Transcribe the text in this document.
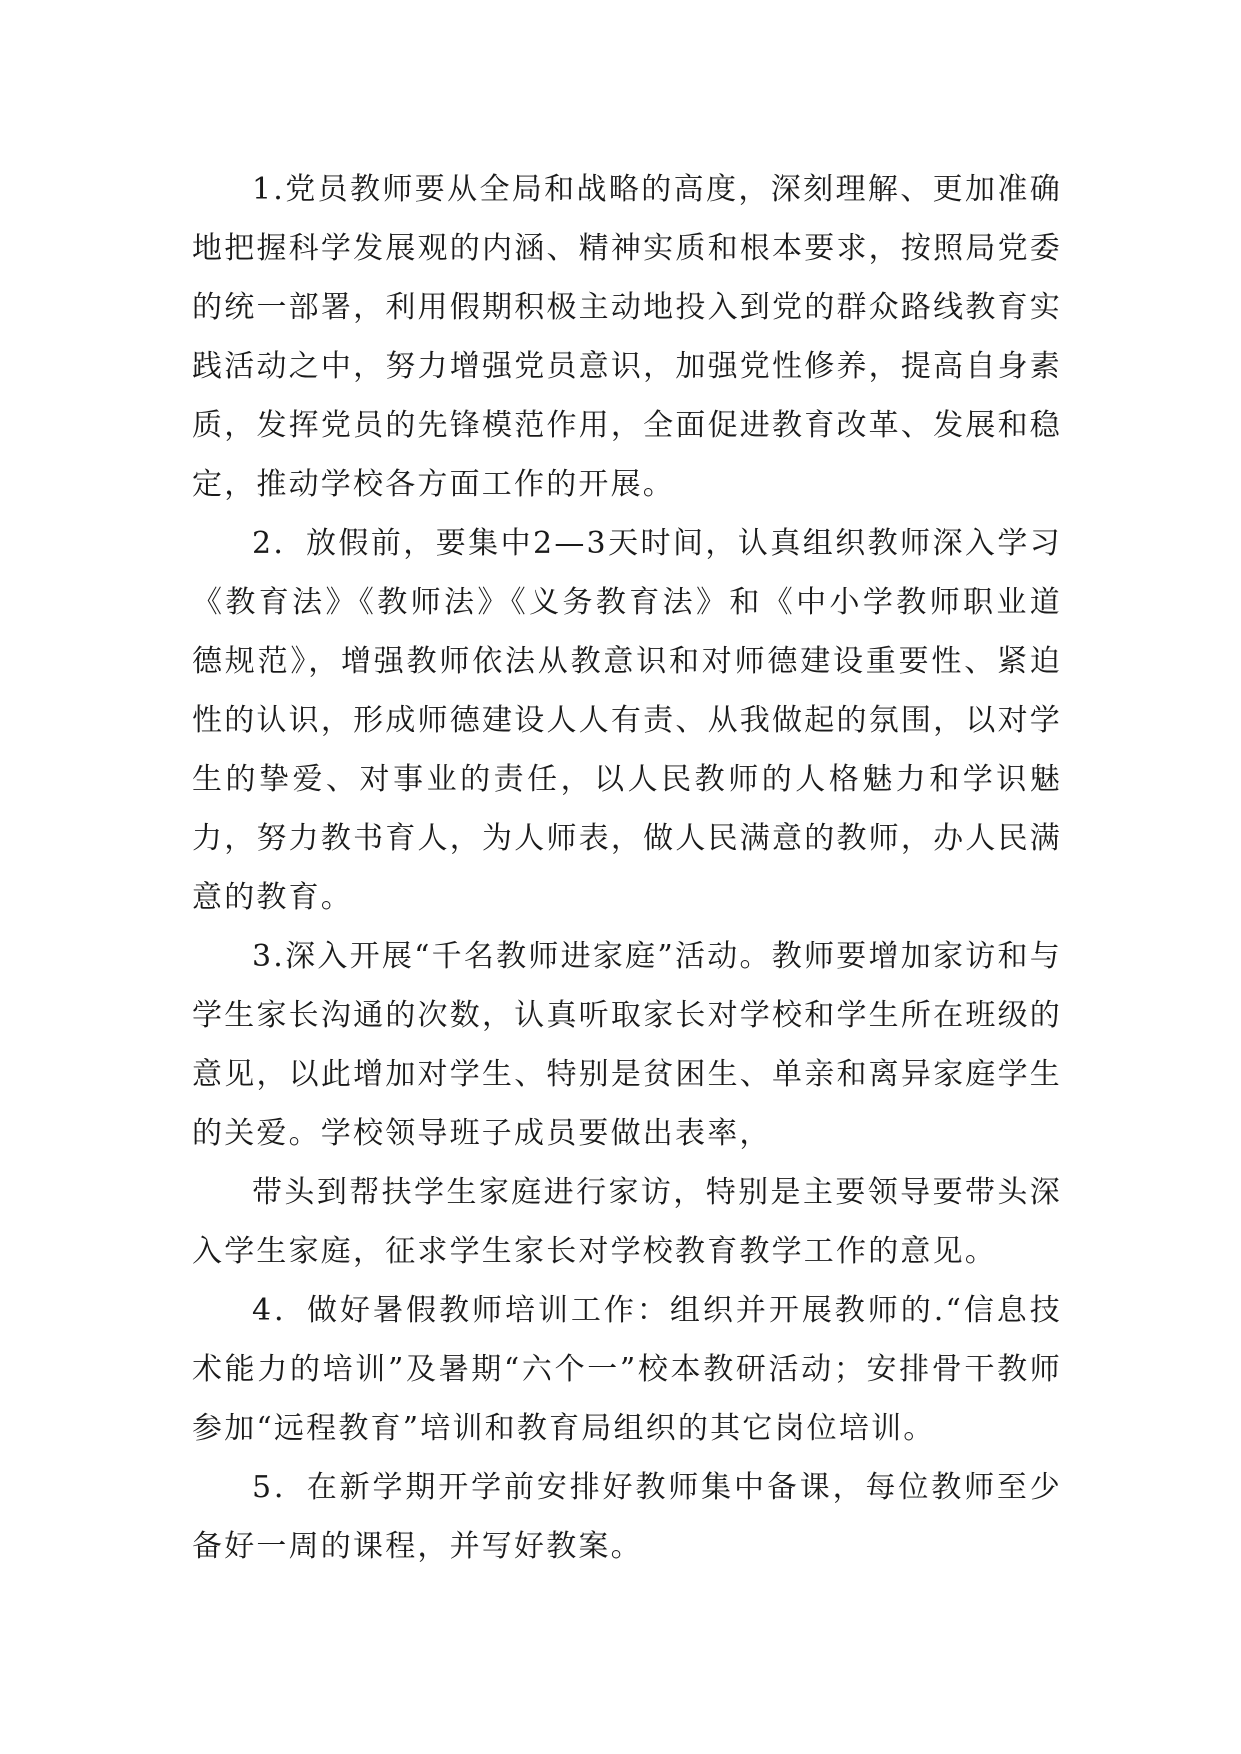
1.党员教师要从全局和战略的高度，深刻理解、更加准确地把握科学发展观的内涵、精神实质和根本要求，按照局党委的统一部署，利用假期积极主动地投入到党的群众路线教育实践活动之中，努力增强党员意识，加强党性修养，提高自身素质，发挥党员的先锋模范作用，全面促进教育改革、发展和稳定，推动学校各方面工作的开展。

2．放假前，要集中2—3天时间，认真组织教师深入学习《教育法》《教师法》《义务教育法》和《中小学教师职业道德规范》，增强教师依法从教意识和对师德建设重要性、紧迫性的认识，形成师德建设人人有责、从我做起的氛围，以对学生的挚爱、对事业的责任，以人民教师的人格魅力和学识魅力，努力教书育人，为人师表，做人民满意的教师，办人民满意的教育。

3.深入开展“千名教师进家庭”活动。教师要增加家访和与学生家长沟通的次数，认真听取家长对学校和学生所在班级的意见，以此增加对学生、特别是贫困生、单亲和离异家庭学生的关爱。学校领导班子成员要做出表率，

带头到帮扶学生家庭进行家访，特别是主要领导要带头深入学生家庭，征求学生家长对学校教育教学工作的意见。

4．做好暑假教师培训工作：组织并开展教师的.“信息技术能力的培训”及暑期“六个一”校本教研活动；安排骨干教师参加“远程教育”培训和教育局组织的其它岗位培训。

5．在新学期开学前安排好教师集中备课，每位教师至少备好一周的课程，并写好教案。
